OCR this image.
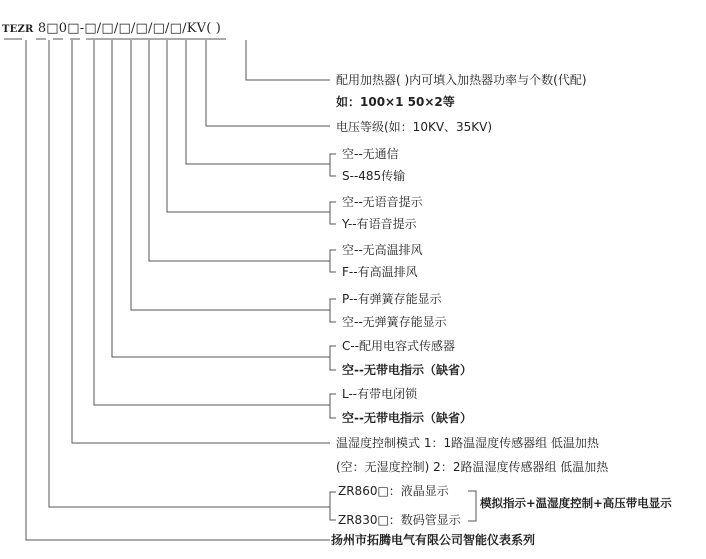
TEZR 8□0□-□/□/□/□/□/□/KV( )
配用加热器( )内可填入加热器功率与个数(代配)
如：100×1 50×2等
电压等级(如：10KV、35KV)
空--无通信
S--485传输
空--无语音提示
Y--有语音提示
空--无高温排风
F--有高温排风
P--有弹簧存能显示
空--无弹簧存能显示
C--配用电容式传感器
空--无带电指示（缺省）
L--有带电闭锁
空--无带电指示（缺省）
温湿度控制模式 1：1路温湿度传感器组 低温加热
(空：无湿度控制) 2：2路温湿度传感器组 低温加热
ZR860□：液晶显示
ZR830□：数码管显示
模拟指示+温湿度控制+高压带电显示
扬州市拓腾电气有限公司智能仪表系列
